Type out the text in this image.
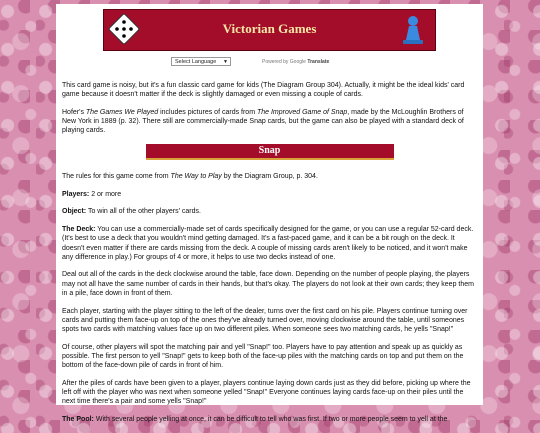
Victorian Games
Select Language ▼	Powered by Google Translate

This card game is noisy, but it's a fun classic card game for kids (The Diagram Group 304). Actually, it might be the ideal kids' card game because it doesn't matter if the deck is slightly damaged or even missing a couple of cards.

Hofer's The Games We Played includes pictures of cards from The Improved Game of Snap, made by the McLoughlin Brothers of New York in 1889 (p. 32). There still are commercially-made Snap cards, but the game can also be played with a standard deck of playing cards.

Snap

The rules for this game come from The Way to Play by the Diagram Group, p. 304.

Players: 2 or more

Object: To win all of the other players' cards.

The Deck: You can use a commercially-made set of cards specifically designed for the game, or you can use a regular 52-card deck. (It's best to use a deck that you wouldn't mind getting damaged. It's a fast-paced game, and it can be a bit rough on the deck. It doesn't even matter if there are cards missing from the deck. A couple of missing cards aren't likely to be noticed, and it won't make any difference in play.) For groups of 4 or more, it helps to use two decks instead of one.

Deal out all of the cards in the deck clockwise around the table, face down. Depending on the number of people playing, the players may not all have the same number of cards in their hands, but that's okay. The players do not look at their own cards; they keep them in a pile, face down in front of them.

Each player, starting with the player sitting to the left of the dealer, turns over the first card on his pile. Players continue turning over cards and putting them face-up on top of the ones they've already turned over, moving clockwise around the table, until someones spots two cards with matching values face up on two different piles. When someone sees two matching cards, he yells "Snap!"

Of course, other players will spot the matching pair and yell "Snap!" too. Players have to pay attention and speak up as quickly as possible. The first person to yell "Snap!" gets to keep both of the face-up piles with the matching cards on top and put them on the bottom of the face-down pile of cards in front of him.

After the piles of cards have been given to a player, players continue laying down cards just as they did before, picking up where the left off with the player who was next when someone yelled "Snap!" Everyone continues laying cards face-up on their piles until the next time there's a pair and some yells "Snap!"

The Pool: With several people yelling at once, it can be difficult to tell who was first. If two or more people seem to yell at the
